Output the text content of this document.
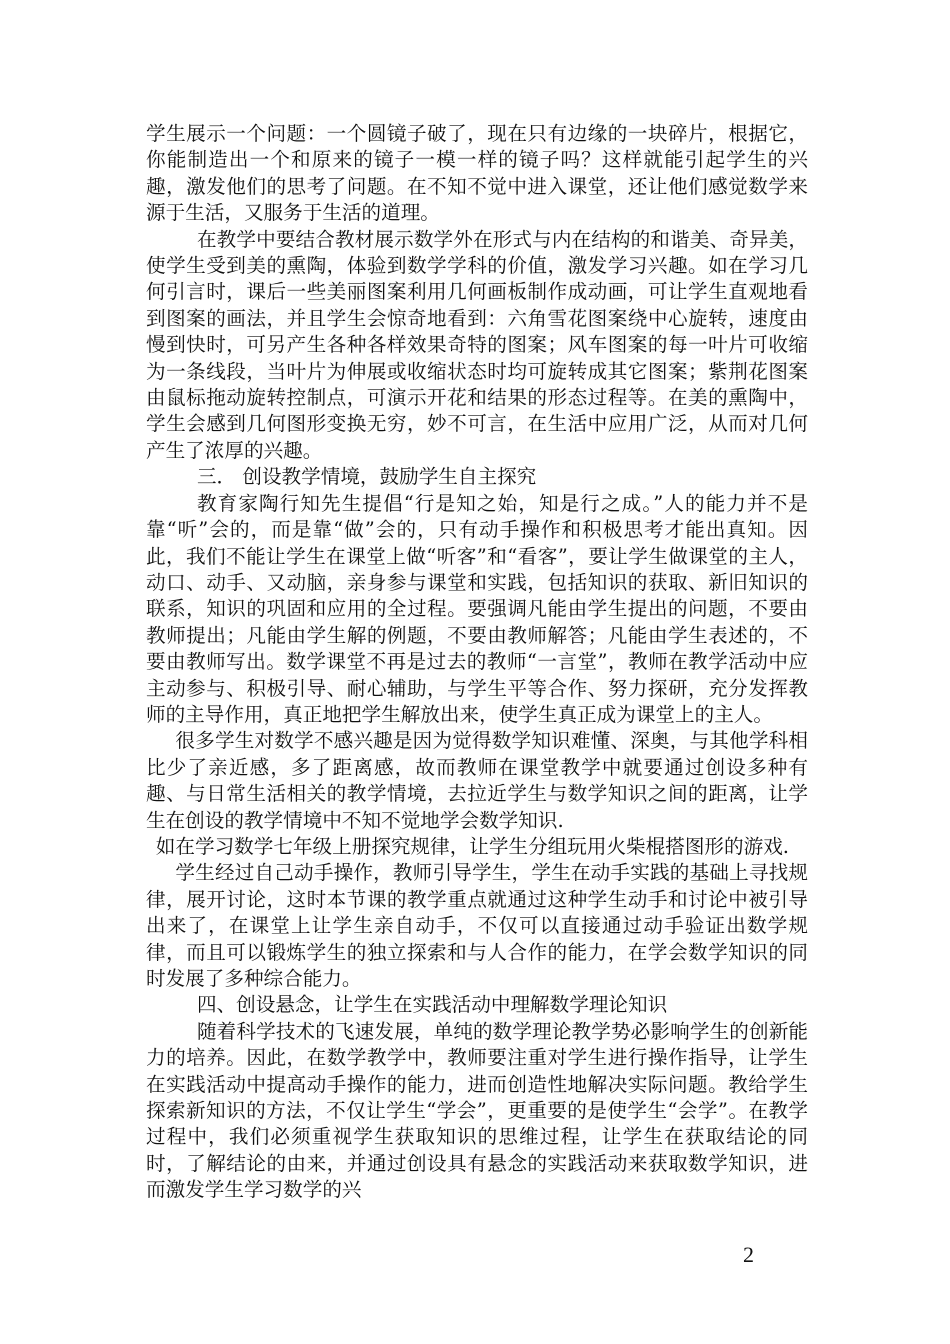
学生展示一个问题：一个圆镜子破了，现在只有边缘的一块碎片，根据它，你能制造出一个和原来的镜子一模一样的镜子吗？这样就能引起学生的兴趣，激发他们的思考了问题。在不知不觉中进入课堂，还让他们感觉数学来源于生活，又服务于生活的道理。

在教学中要结合教材展示数学外在形式与内在结构的和谐美、奇异美，使学生受到美的熏陶，体验到数学学科的价值，激发学习兴趣。如在学习几何引言时，课后一些美丽图案利用几何画板制作成动画，可让学生直观地看到图案的画法，并且学生会惊奇地看到：六角雪花图案绕中心旋转，速度由慢到快时，可另产生各种各样效果奇特的图案；风车图案的每一叶片可收缩为一条线段，当叶片为伸展或收缩状态时均可旋转成其它图案；紫荆花图案由鼠标拖动旋转控制点，可演示开花和结果的形态过程等。在美的熏陶中，学生会感到几何图形变换无穷，妙不可言，在生活中应用广泛，从而对几何产生了浓厚的兴趣。

三． 创设教学情境，鼓励学生自主探究

教育家陶行知先生提倡“行是知之始，知是行之成。”人的能力并不是靠“听”会的，而是靠“做”会的，只有动手操作和积极思考才能出真知。因此，我们不能让学生在课堂上做“听客”和“看客”，要让学生做课堂的主人，动口、动手、又动脑，亲身参与课堂和实践，包括知识的获取、新旧知识的联系，知识的巩固和应用的全过程。要强调凡能由学生提出的问题，不要由教师提出；凡能由学生解的例题，不要由教师解答；凡能由学生表述的，不要由教师写出。数学课堂不再是过去的教师“一言堂”，教师在教学活动中应主动参与、积极引导、耐心辅助，与学生平等合作、努力探研，充分发挥教师的主导作用，真正地把学生解放出来，使学生真正成为课堂上的主人。

很多学生对数学不感兴趣是因为觉得数学知识难懂、深奥，与其他学科相比少了亲近感，多了距离感，故而教师在课堂教学中就要通过创设多种有趣、与日常生活相关的教学情境，去拉近学生与数学知识之间的距离，让学生在创设的教学情境中不知不觉地学会数学知识.

如在学习数学七年级上册探究规律，让学生分组玩用火柴棍搭图形的游戏.

学生经过自己动手操作，教师引导学生，学生在动手实践的基础上寻找规律，展开讨论，这时本节课的教学重点就通过这种学生动手和讨论中被引导出来了，在课堂上让学生亲自动手，不仅可以直接通过动手验证出数学规律，而且可以锻炼学生的独立探索和与人合作的能力，在学会数学知识的同时发展了多种综合能力。

四、创设悬念，让学生在实践活动中理解数学理论知识

随着科学技术的飞速发展，单纯的数学理论教学势必影响学生的创新能力的培养。因此，在数学教学中，教师要注重对学生进行操作指导，让学生在实践活动中提高动手操作的能力，进而创造性地解决实际问题。教给学生探索新知识的方法，不仅让学生“学会”，更重要的是使学生“会学”。在教学过程中，我们必须重视学生获取知识的思维过程，让学生在获取结论的同时，了解结论的由来，并通过创设具有悬念的实践活动来获取数学知识，进而激发学生学习数学的兴

2
